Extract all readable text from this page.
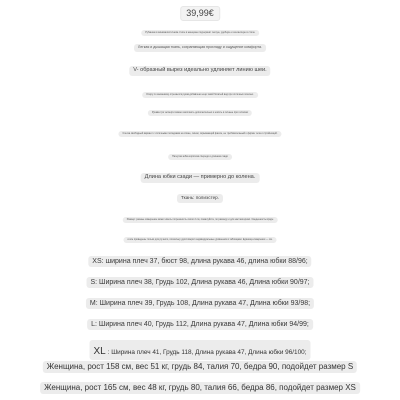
39,99€
Рубашка в минималистичном стиле в женщине подчеркнёт легкую, удобную и элегантную в стиле
Легкая и дышащая ткань, сохраняющая прохладу и ощущение комфорта.
V- образный вырез идеально удлиняет линию шеи.
Опору по механизму отрезается рукав добавлено ещё такой богатый вид при отличных пошлых.
Рукава три четверти можно заполнить дополнительно и носить в личные при голосках
Слегка свободный вариант с отличными посадками на спине, линии, скрывающий фасон, не требовательный к форме тела и стройнящий.
Нагнутая юбка короткая спереди и длинная сзади
Длина юбки сзади — примерно до колена.
Ткань: полиэстер.
Размер: разные измерение может иметь погрешность около 2 см, пожалуйста, по размеру и для нас материал. Сведенность вроде
и все приведены только для ручного, поскольку удостоверит индивидуальные уровнения в таблицами. Единица измерения — см.
XS: ширина плеч 37, бюст 98, длина рукава 46, длина юбки 88/96;
S: Ширина плеч 38, Грудь 102, Длина рукава 46, Длина юбки 90/97;
M: Ширина плеч 39, Грудь 108, Длина рукава 47, Длина юбки 93/98;
L: Ширина плеч 40, Грудь 112, Длина рукава 47, Длина юбки 94/99;
XL : Ширина плеч 41, Грудь 118, Длина рукава 47, Длина юбки 96/100;
Женщина, рост 158 см, вес 51 кг, грудь 84, талия 70, бедра 90, подойдет размер S
Женщина, рост 165 см, вес 48 кг, грудь 80, талия 66, бедра 86, подойдет размер XS
